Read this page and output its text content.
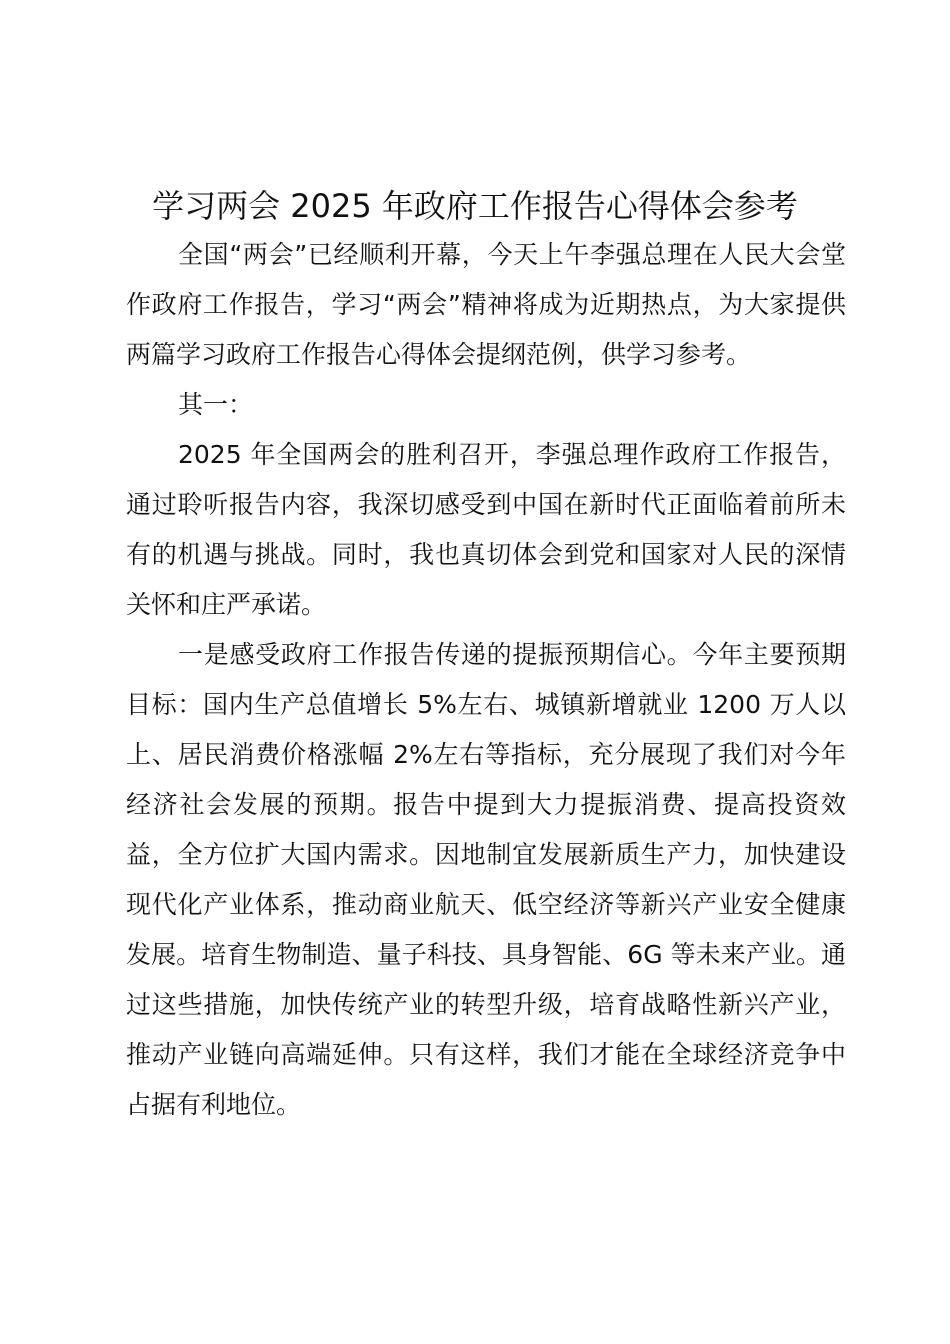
学习两会 2025 年政府工作报告心得体会参考

全国“两会”已经顺利开幕，今天上午李强总理在人民大会堂作政府工作报告，学习“两会”精神将成为近期热点，为大家提供两篇学习政府工作报告心得体会提纲范例，供学习参考。

其一：

2025 年全国两会的胜利召开，李强总理作政府工作报告，通过聆听报告内容，我深切感受到中国在新时代正面临着前所未有的机遇与挑战。同时，我也真切体会到党和国家对人民的深情关怀和庄严承诺。

一是感受政府工作报告传递的提振预期信心。今年主要预期目标：国内生产总值增长 5%左右、城镇新增就业 1200 万人以上、居民消费价格涨幅 2%左右等指标，充分展现了我们对今年经济社会发展的预期。报告中提到大力提振消费、提高投资效益，全方位扩大国内需求。因地制宜发展新质生产力，加快建设现代化产业体系，推动商业航天、低空经济等新兴产业安全健康发展。培育生物制造、量子科技、具身智能、6G 等未来产业。通过这些措施，加快传统产业的转型升级，培育战略性新兴产业，推动产业链向高端延伸。只有这样，我们才能在全球经济竞争中占据有利地位。
